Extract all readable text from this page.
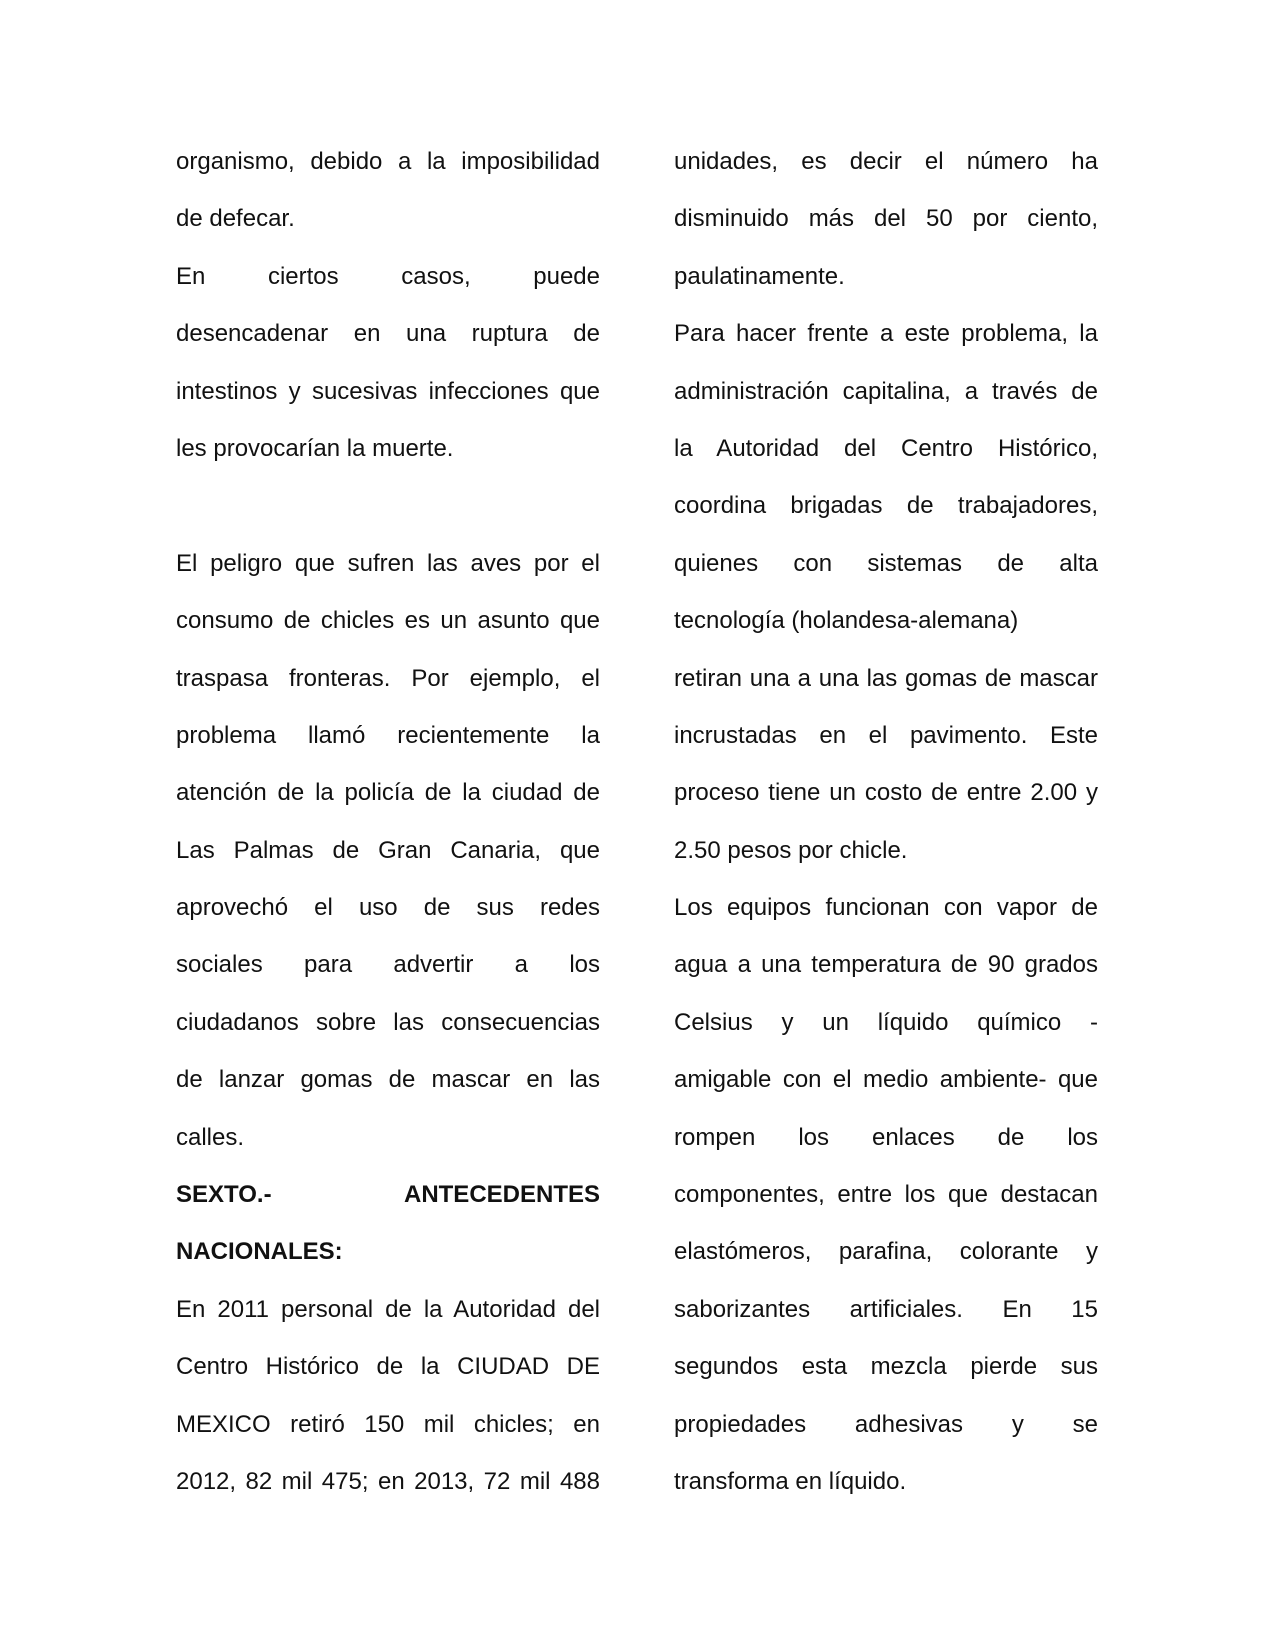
organismo, debido a la imposibilidad
de defecar.
En ciertos casos, puede
desencadenar en una ruptura de
intestinos y sucesivas infecciones que
les provocarían la muerte.
El peligro que sufren las aves por el
consumo de chicles es un asunto que
traspasa fronteras. Por ejemplo, el
problema llamó recientemente la
atención de la policía de la ciudad de
Las Palmas de Gran Canaria, que
aprovechó el uso de sus redes
sociales para advertir a los
ciudadanos sobre las consecuencias
de lanzar gomas de mascar en las
calles.
SEXTO.- ANTECEDENTES
NACIONALES:
En 2011 personal de la Autoridad del
Centro Histórico de la CIUDAD DE
MEXICO retiró 150 mil chicles; en
2012, 82 mil 475; en 2013, 72 mil 488
unidades, es decir el número ha
disminuido más del 50 por ciento,
paulatinamente.
Para hacer frente a este problema, la
administración capitalina, a través de
la Autoridad del Centro Histórico,
coordina brigadas de trabajadores,
quienes con sistemas de alta
tecnología (holandesa-alemana)
retiran una a una las gomas de mascar
incrustadas en el pavimento. Este
proceso tiene un costo de entre 2.00 y
2.50 pesos por chicle.
Los equipos funcionan con vapor de
agua a una temperatura de 90 grados
Celsius y un líquido químico -
amigable con el medio ambiente- que
rompen los enlaces de los
componentes, entre los que destacan
elastómeros, parafina, colorante y
saborizantes artificiales. En 15
segundos esta mezcla pierde sus
propiedades adhesivas y se
transforma en líquido.
